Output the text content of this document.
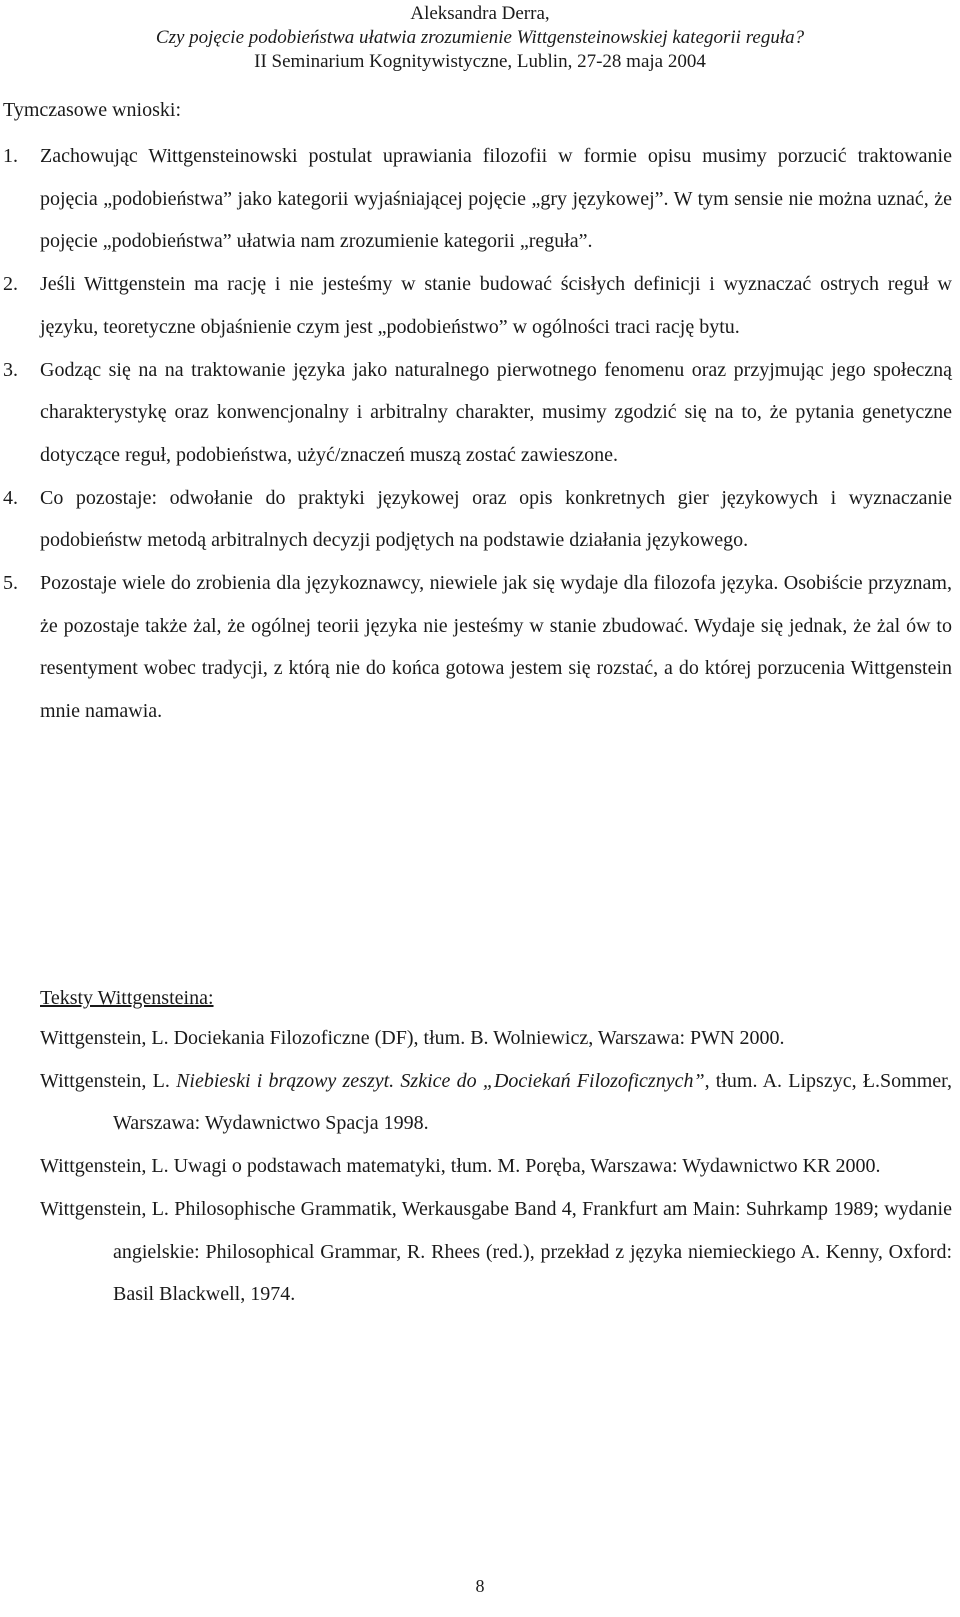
Aleksandra Derra,
Czy pojęcie podobieństwa ułatwia zrozumienie Wittgensteinowskiej kategorii reguła?
II Seminarium Kognitywistyczne, Lublin, 27-28 maja 2004
Tymczasowe wnioski:
1. Zachowując Wittgensteinowski postulat uprawiania filozofii w formie opisu musimy porzucić traktowanie pojęcia „podobieństwa” jako kategorii wyjaśniającej pojęcie „gry językowej”. W tym sensie nie można uznać, że pojęcie „podobieństwa” ułatwia nam zrozumienie kategorii „reguła”.
2. Jeśli Wittgenstein ma rację i nie jesteśmy w stanie budować ścisłych definicji i wyznaczać ostrych reguł w języku, teoretyczne objaśnienie czym jest „podobieństwo” w ogólności traci rację bytu.
3. Godząc się na na traktowanie języka jako naturalnego pierwotnego fenomenu oraz przyjmując jego społeczną charakterystykę oraz konwencjonalny i arbitralny charakter, musimy zgodzić się na to, że pytania genetyczne dotyczące reguł, podobieństwa, użyć/znaczeń muszą zostać zawieszone.
4. Co pozostaje: odwołanie do praktyki językowej oraz opis konkretnych gier językowych i wyznaczanie podobieństw metodą arbitralnych decyzji podjętych na podstawie działania językowego.
5. Pozostaje wiele do zrobienia dla językoznawcy, niewiele jak się wydaje dla filozofa języka. Osobiście przyznam, że pozostaje także żal, że ogólnej teorii języka nie jesteśmy w stanie zbudować. Wydaje się jednak, że żal ów to resentyment wobec tradycji, z którą nie do końca gotowa jestem się rozstać, a do której porzucenia Wittgenstein mnie namawia.
Teksty Wittgensteina:
Wittgenstein, L. Dociekania Filozoficzne (DF), tłum. B. Wolniewicz, Warszawa: PWN 2000.
Wittgenstein, L. Niebieski i brązowy zeszyt. Szkice do „Dociekań Filozoficznych”, tłum. A. Lipszyc, Ł.Sommer, Warszawa: Wydawnictwo Spacja 1998.
Wittgenstein, L. Uwagi o podstawach matematyki, tłum. M. Poręba, Warszawa: Wydawnictwo KR 2000.
Wittgenstein, L. Philosophische Grammatik, Werkausgabe Band 4, Frankfurt am Main: Suhrkamp 1989; wydanie angielskie: Philosophical Grammar, R. Rhees (red.), przekład z języka niemieckiego A. Kenny, Oxford: Basil Blackwell, 1974.
8
